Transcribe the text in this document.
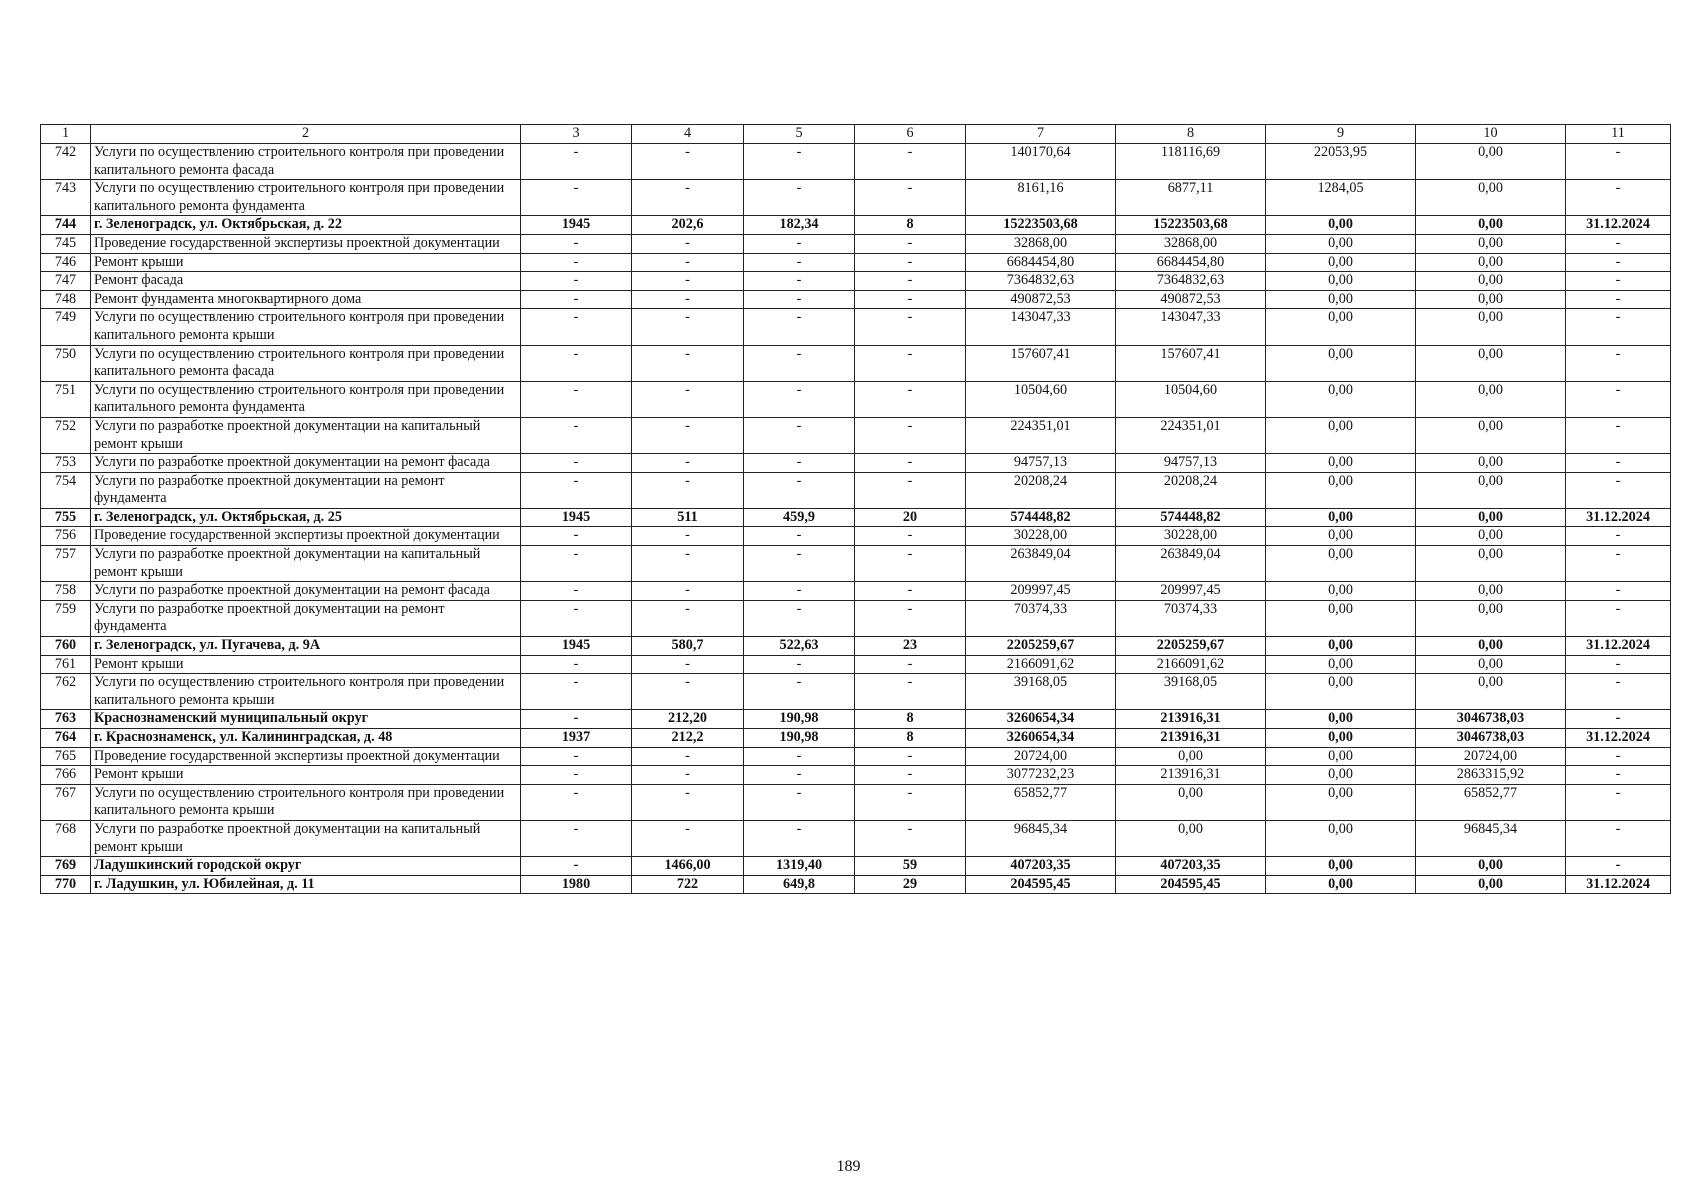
1	2	3	4	5	6	7	8	9	10	11
742	Услуги по осуществлению строительного контроля при проведении капитального ремонта фасада	-	-	-	-	140170,64	118116,69	22053,95	0,00	-
743	Услуги по осуществлению строительного контроля при проведении капитального ремонта фундамента	-	-	-	-	8161,16	6877,11	1284,05	0,00	-
744	г. Зеленоградск, ул. Октябрьская, д. 22	1945	202,6	182,34	8	15223503,68	15223503,68	0,00	0,00	31.12.2024
745	Проведение государственной экспертизы проектной документации	-	-	-	-	32868,00	32868,00	0,00	0,00	-
746	Ремонт крыши	-	-	-	-	6684454,80	6684454,80	0,00	0,00	-
747	Ремонт фасада	-	-	-	-	7364832,63	7364832,63	0,00	0,00	-
748	Ремонт фундамента многоквартирного дома	-	-	-	-	490872,53	490872,53	0,00	0,00	-
749	Услуги по осуществлению строительного контроля при проведении капитального ремонта крыши	-	-	-	-	143047,33	143047,33	0,00	0,00	-
750	Услуги по осуществлению строительного контроля при проведении капитального ремонта фасада	-	-	-	-	157607,41	157607,41	0,00	0,00	-
751	Услуги по осуществлению строительного контроля при проведении капитального ремонта фундамента	-	-	-	-	10504,60	10504,60	0,00	0,00	-
752	Услуги по разработке проектной документации на капитальный ремонт крыши	-	-	-	-	224351,01	224351,01	0,00	0,00	-
753	Услуги по разработке проектной документации на ремонт фасада	-	-	-	-	94757,13	94757,13	0,00	0,00	-
754	Услуги по разработке проектной документации на ремонт фундамента	-	-	-	-	20208,24	20208,24	0,00	0,00	-
755	г. Зеленоградск, ул. Октябрьская, д. 25	1945	511	459,9	20	574448,82	574448,82	0,00	0,00	31.12.2024
756	Проведение государственной экспертизы проектной документации	-	-	-	-	30228,00	30228,00	0,00	0,00	-
757	Услуги по разработке проектной документации на капитальный ремонт крыши	-	-	-	-	263849,04	263849,04	0,00	0,00	-
758	Услуги по разработке проектной документации на ремонт фасада	-	-	-	-	209997,45	209997,45	0,00	0,00	-
759	Услуги по разработке проектной документации на ремонт фундамента	-	-	-	-	70374,33	70374,33	0,00	0,00	-
760	г. Зеленоградск, ул. Пугачева, д. 9А	1945	580,7	522,63	23	2205259,67	2205259,67	0,00	0,00	31.12.2024
761	Ремонт крыши	-	-	-	-	2166091,62	2166091,62	0,00	0,00	-
762	Услуги по осуществлению строительного контроля при проведении капитального ремонта крыши	-	-	-	-	39168,05	39168,05	0,00	0,00	-
763	Краснознаменский муниципальный округ	-	212,20	190,98	8	3260654,34	213916,31	0,00	3046738,03	-
764	г. Краснознаменск, ул. Калининградская, д. 48	1937	212,2	190,98	8	3260654,34	213916,31	0,00	3046738,03	31.12.2024
765	Проведение государственной экспертизы проектной документации	-	-	-	-	20724,00	0,00	0,00	20724,00	-
766	Ремонт крыши	-	-	-	-	3077232,23	213916,31	0,00	2863315,92	-
767	Услуги по осуществлению строительного контроля при проведении капитального ремонта крыши	-	-	-	-	65852,77	0,00	0,00	65852,77	-
768	Услуги по разработке проектной документации на капитальный ремонт крыши	-	-	-	-	96845,34	0,00	0,00	96845,34	-
769	Ладушкинский городской округ	-	1466,00	1319,40	59	407203,35	407203,35	0,00	0,00	-
770	г. Ладушкин, ул. Юбилейная, д. 11	1980	722	649,8	29	204595,45	204595,45	0,00	0,00	31.12.2024
189
